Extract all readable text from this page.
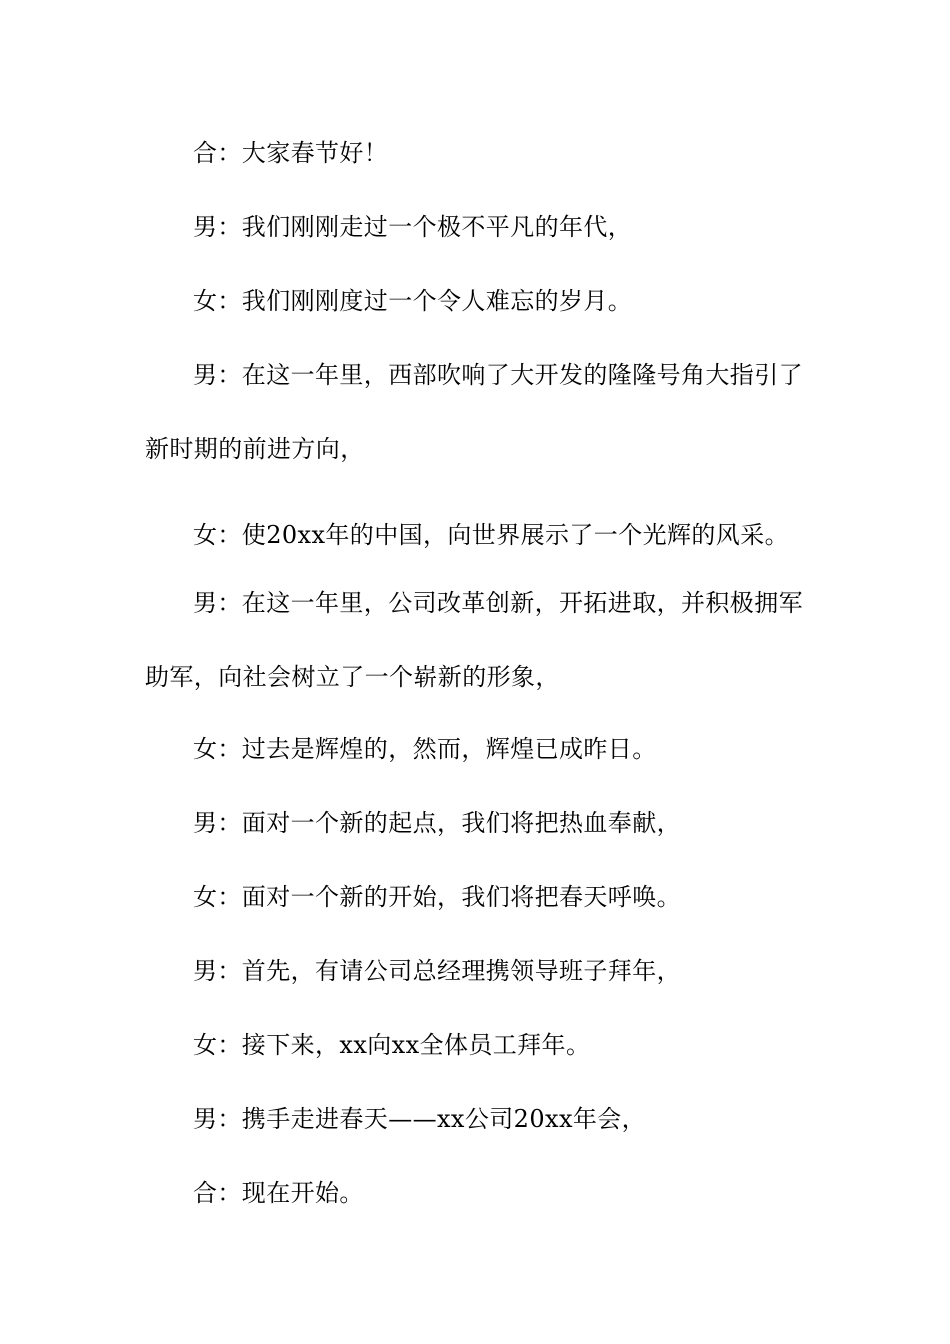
合：大家春节好！

男：我们刚刚走过一个极不平凡的年代，

女：我们刚刚度过一个令人难忘的岁月。

男：在这一年里，西部吹响了大开发的隆隆号角大指引了新时期的前进方向，

女：使20xx年的中国，向世界展示了一个光辉的风采。

男：在这一年里，公司改革创新，开拓进取，并积极拥军助军，向社会树立了一个崭新的形象，

女：过去是辉煌的，然而，辉煌已成昨日。

男：面对一个新的起点，我们将把热血奉献，

女：面对一个新的开始，我们将把春天呼唤。

男：首先，有请公司总经理携领导班子拜年，

女：接下来，xx向xx全体员工拜年。

男：携手走进春天——xx公司20xx年会，

合：现在开始。
